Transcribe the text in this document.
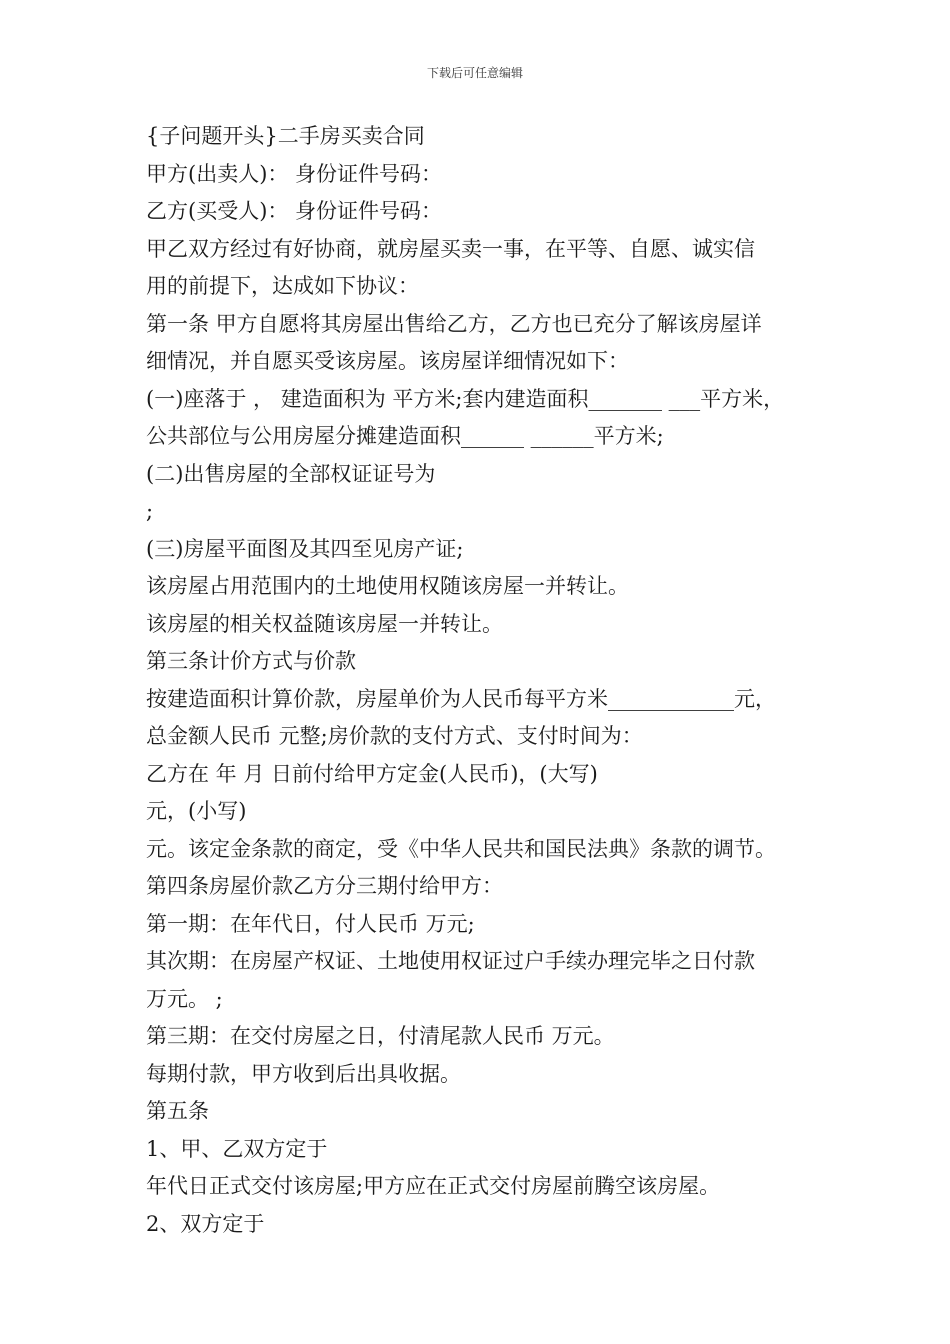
下载后可任意编辑
{子问题开头}二手房买卖合同
甲方(出卖人)： 身份证件号码：
乙方(买受人)： 身份证件号码：
甲乙双方经过有好协商，就房屋买卖一事，在平等、自愿、诚实信
用的前提下，达成如下协议：
第一条 甲方自愿将其房屋出售给乙方，乙方也已充分了解该房屋详
细情况，并自愿买受该房屋。该房屋详细情况如下：
(一)座落于 ， 建造面积为 平方米;套内建造面积_______ ___平方米，
公共部位与公用房屋分摊建造面积______ ______平方米;
(二)出售房屋的全部权证证号为
;
(三)房屋平面图及其四至见房产证;
该房屋占用范围内的土地使用权随该房屋一并转让。
该房屋的相关权益随该房屋一并转让。
第三条计价方式与价款
按建造面积计算价款，房屋单价为人民币每平方米____________元，
总金额人民币 元整;房价款的支付方式、支付时间为：
乙方在 年 月 日前付给甲方定金(人民币)，(大写)
元，(小写)
元。该定金条款的商定，受《中华人民共和国民法典》条款的调节。
第四条房屋价款乙方分三期付给甲方：
第一期：在年代日，付人民币 万元;
其次期：在房屋产权证、土地使用权证过户手续办理完毕之日付款
万元。 ;
第三期：在交付房屋之日，付清尾款人民币 万元。
每期付款，甲方收到后出具收据。
第五条
1、甲、乙双方定于
年代日正式交付该房屋;甲方应在正式交付房屋前腾空该房屋。
2、双方定于
